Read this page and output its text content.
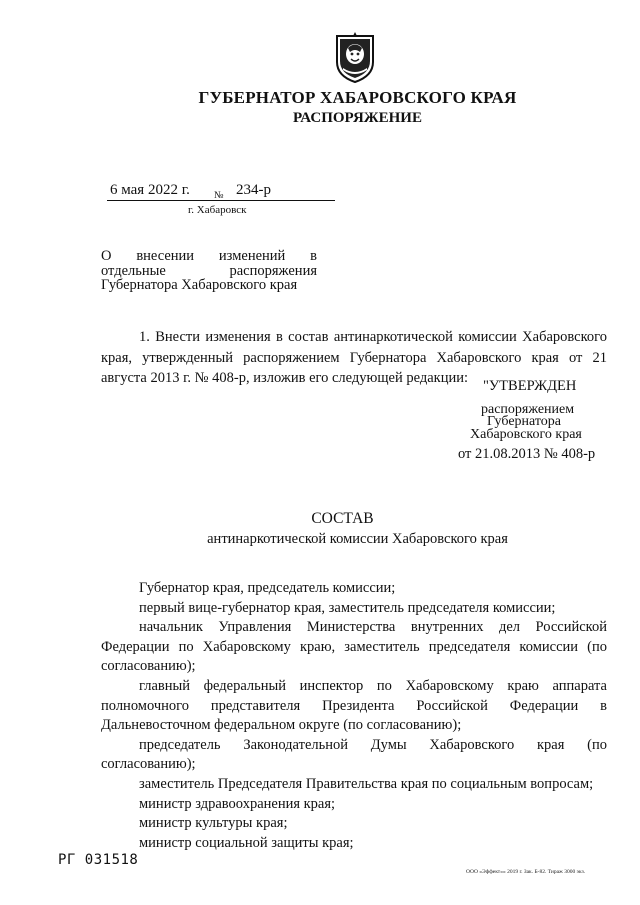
ГУБЕРНАТОР ХАБАРОВСКОГО КРАЯ
РАСПОРЯЖЕНИЕ
6 мая 2022 г. № 234-р
г. Хабаровск
О внесении изменений в
отдельные распоряжения
Губернатора Хабаровского края
1. Внести изменения в состав антинаркотической комиссии Хабаровского края, утвержденный распоряжением Губернатора Хабаровского края от 21 августа 2013 г. № 408-р, изложив его следующей редакции:	"УТВЕРЖДЕН
распоряжением
Губернатора
Хабаровского края
от 21.08.2013 № 408-р
СОСТАВ
антинаркотической комиссии Хабаровского края
Губернатор края, председатель комиссии;
первый вице-губернатор края, заместитель председателя комиссии;
начальник Управления Министерства внутренних дел Российской Федерации по Хабаровскому краю, заместитель председателя комиссии (по согласованию);
главный федеральный инспектор по Хабаровскому краю аппарата полномочного представителя Президента Российской Федерации в Дальневосточном федеральном округе (по согласованию);
председатель Законодательной Думы Хабаровского края (по согласованию);
заместитель Председателя Правительства края по социальным вопросам;
министр здравоохранения края;
министр культуры края;
министр социальной защиты края;
РГ 031518
ООО «Эффект»» 2019 г. Зак. Б-82. Тираж 3000 экз.
